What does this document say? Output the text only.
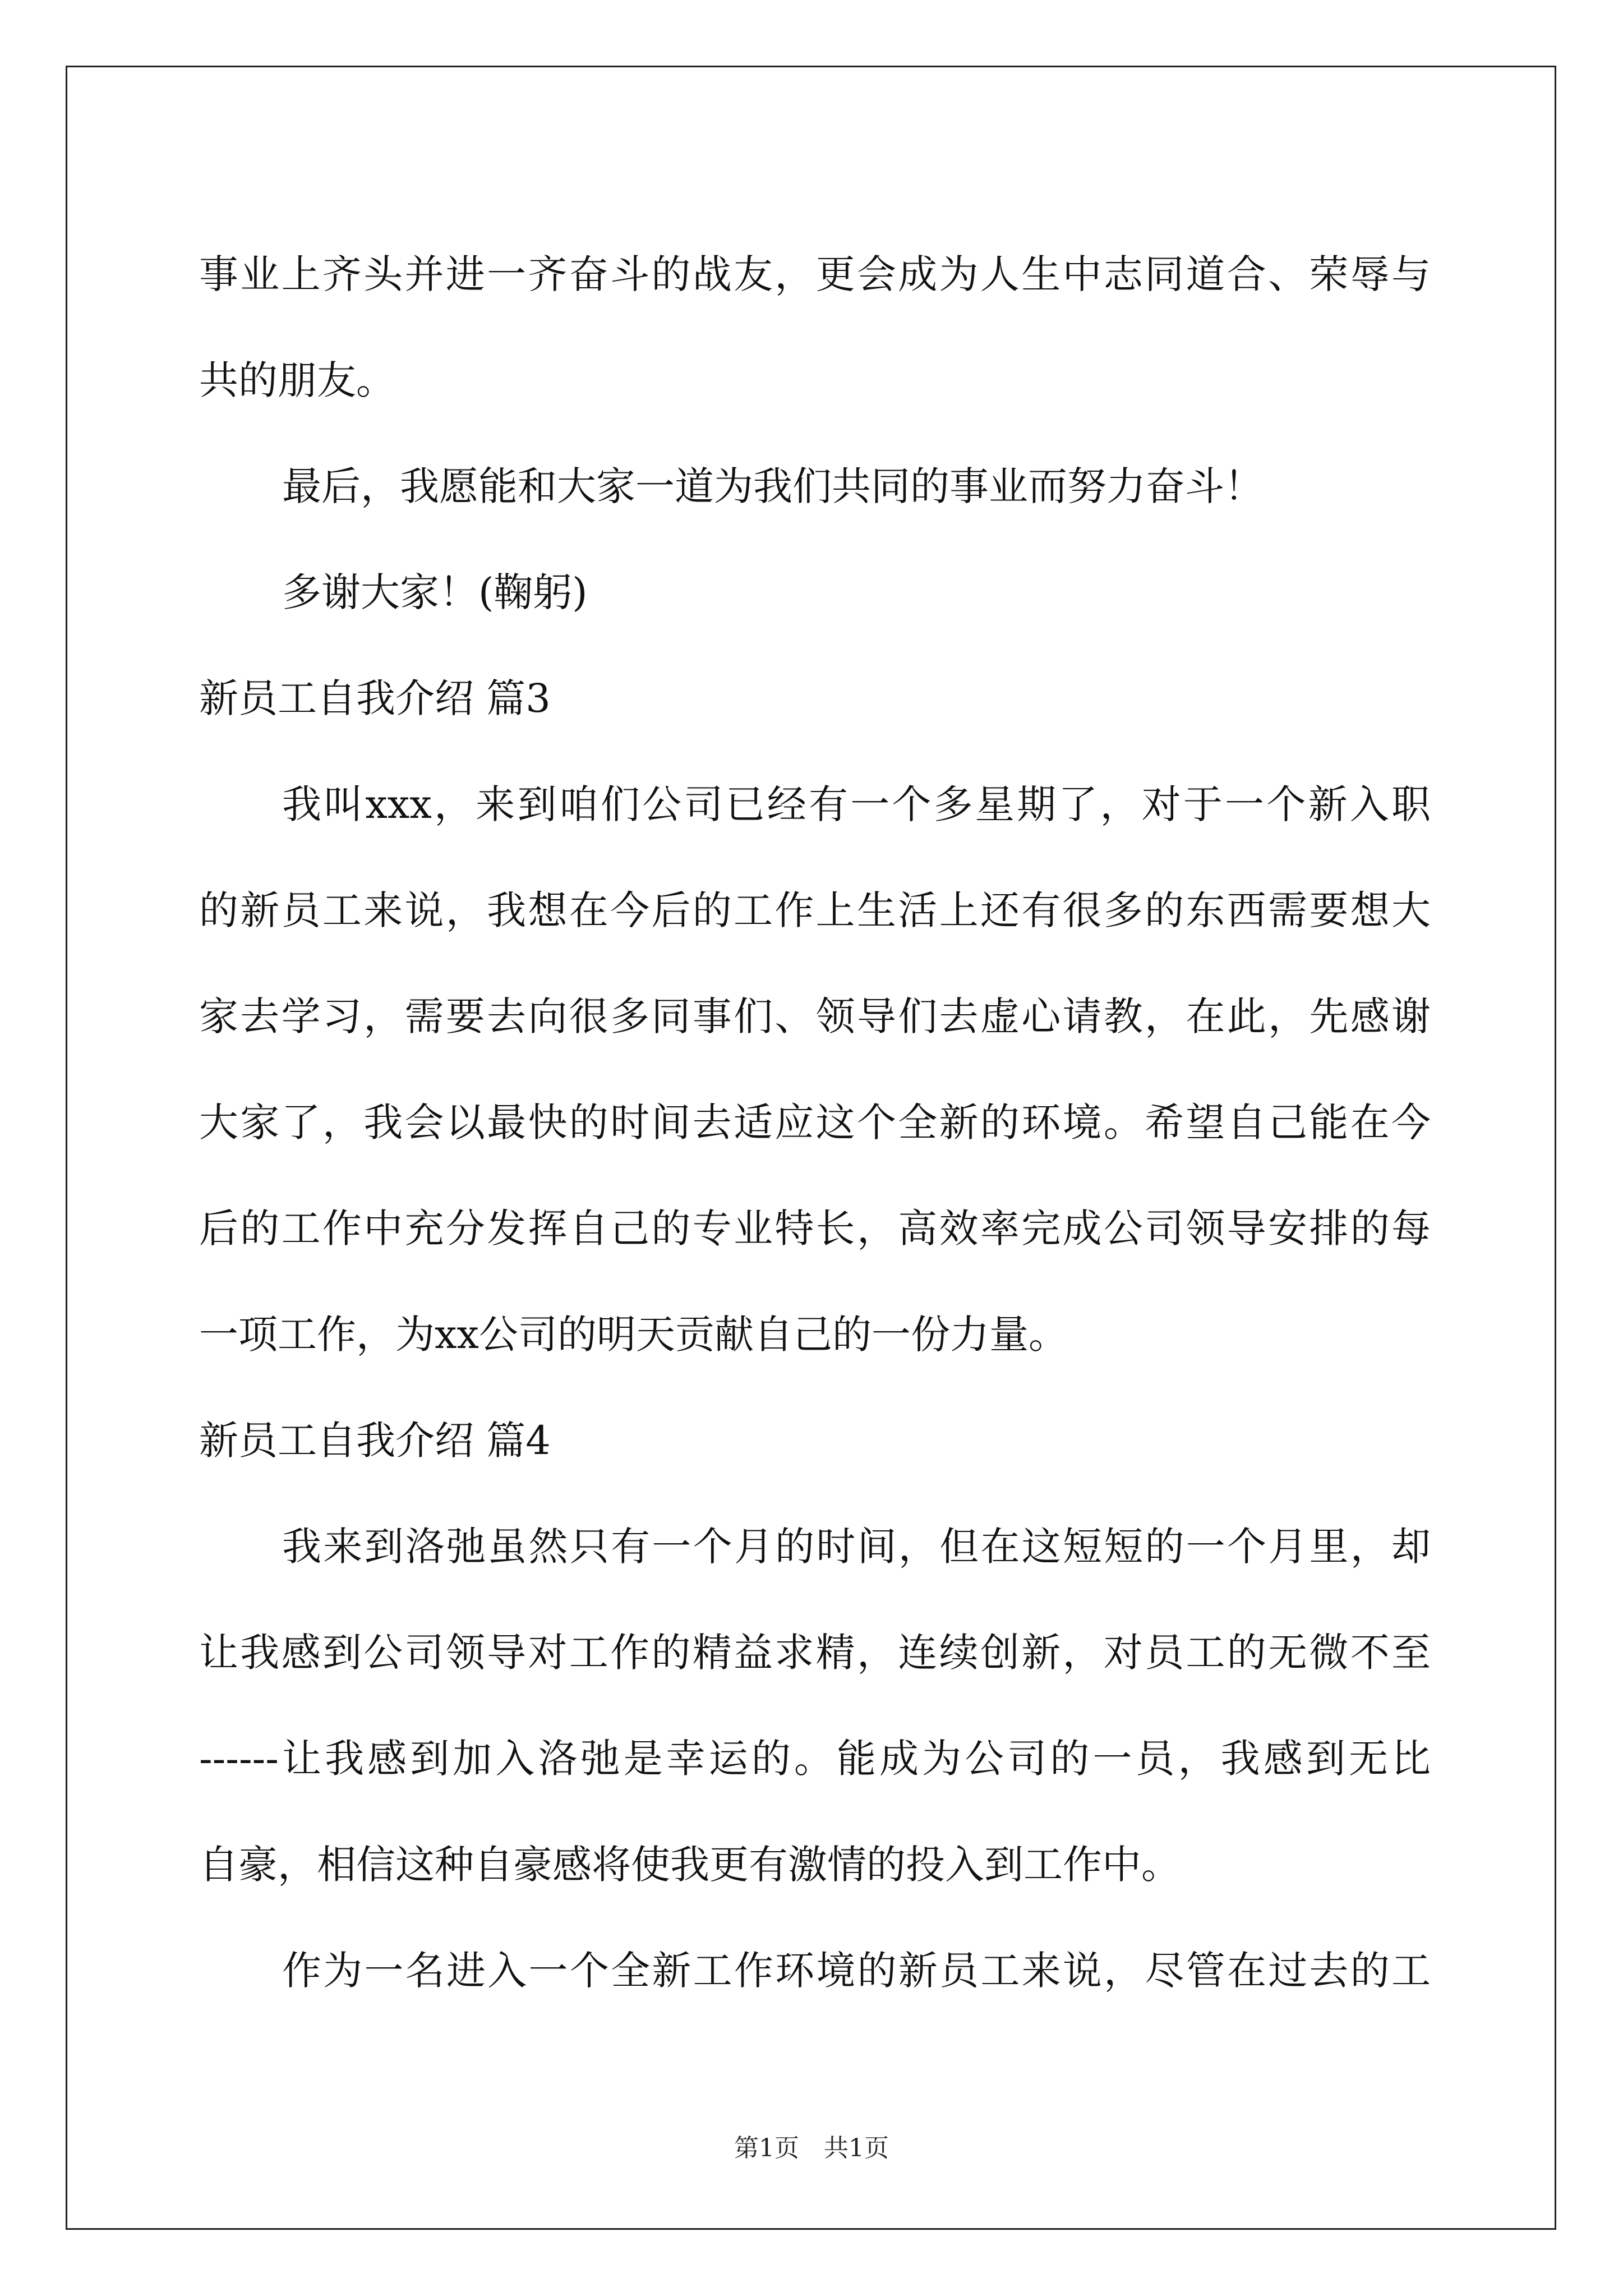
事业上齐头并进一齐奋斗的战友，更会成为人生中志同道合、荣辱与
共的朋友。
最后，我愿能和大家一道为我们共同的事业而努力奋斗！
多谢大家！(鞠躬)
新员工自我介绍 篇3
我叫xxx，来到咱们公司已经有一个多星期了，对于一个新入职
的新员工来说，我想在今后的工作上生活上还有很多的东西需要想大
家去学习，需要去向很多同事们、领导们去虚心请教，在此，先感谢
大家了，我会以最快的时间去适应这个全新的环境。希望自己能在今
后的工作中充分发挥自己的专业特长，高效率完成公司领导安排的每
一项工作，为xx公司的明天贡献自己的一份力量。
新员工自我介绍 篇4
我来到洛弛虽然只有一个月的时间，但在这短短的一个月里，却
让我感到公司领导对工作的精益求精，连续创新，对员工的无微不至
------让我感到加入洛弛是幸运的。能成为公司的一员，我感到无比
自豪，相信这种自豪感将使我更有激情的投入到工作中。
作为一名进入一个全新工作环境的新员工来说，尽管在过去的工
第1页 共1页
